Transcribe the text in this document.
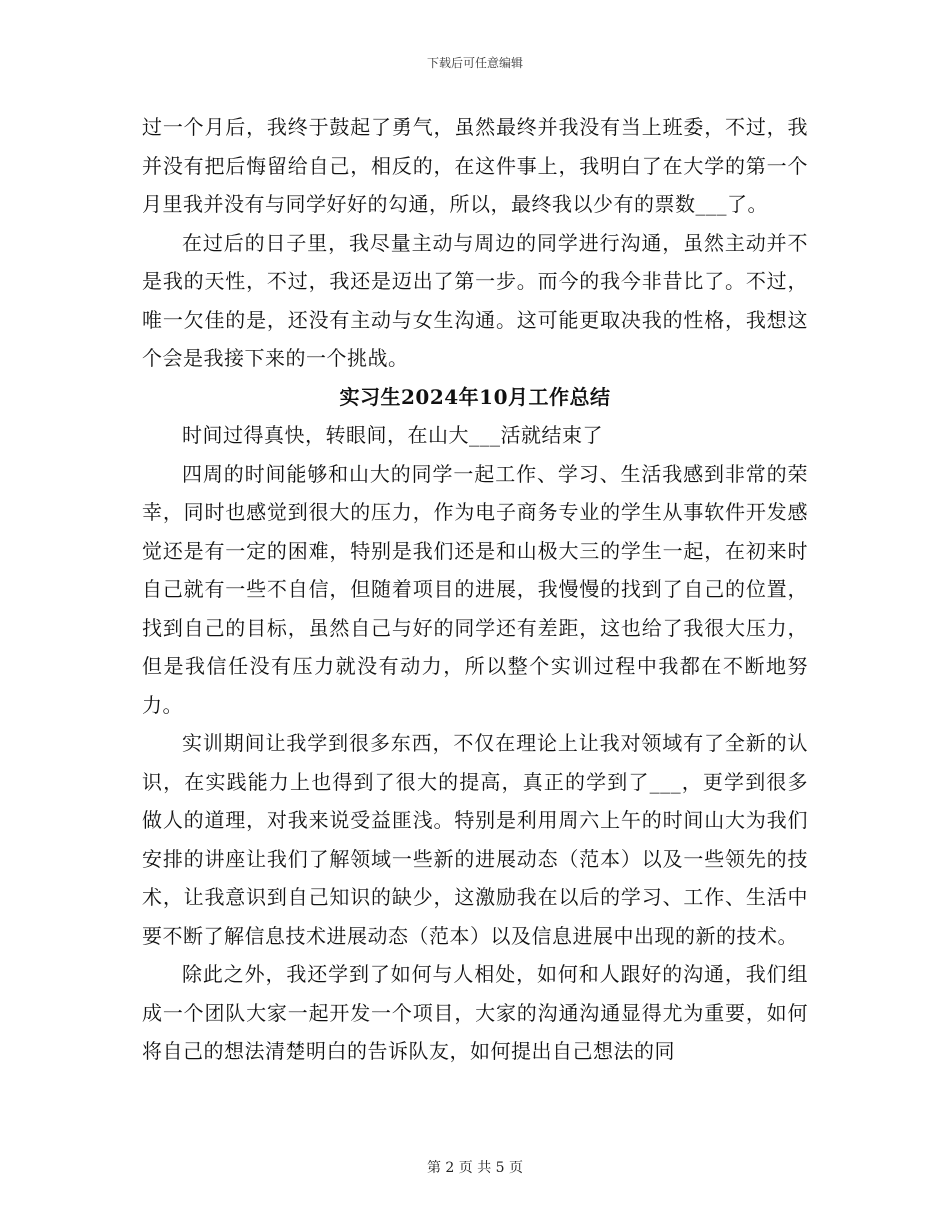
下载后可任意编辑

过一个月后，我终于鼓起了勇气，虽然最终并我没有当上班委，不过，我并没有把后悔留给自己，相反的，在这件事上，我明白了在大学的第一个月里我并没有与同学好好的勾通，所以，最终我以少有的票数___了。

在过后的日子里，我尽量主动与周边的同学进行沟通，虽然主动并不是我的天性，不过，我还是迈出了第一步。而今的我今非昔比了。不过，唯一欠佳的是，还没有主动与女生沟通。这可能更取决我的性格，我想这个会是我接下来的一个挑战。

实习生2024年10月工作总结

时间过得真快，转眼间，在山大___活就结束了

四周的时间能够和山大的同学一起工作、学习、生活我感到非常的荣幸，同时也感觉到很大的压力，作为电子商务专业的学生从事软件开发感觉还是有一定的困难，特别是我们还是和山极大三的学生一起，在初来时自己就有一些不自信，但随着项目的进展，我慢慢的找到了自己的位置，找到自己的目标，虽然自己与好的同学还有差距，这也给了我很大压力，但是我信任没有压力就没有动力，所以整个实训过程中我都在不断地努力。

实训期间让我学到很多东西，不仅在理论上让我对领域有了全新的认识，在实践能力上也得到了很大的提高，真正的学到了___，更学到很多做人的道理，对我来说受益匪浅。特别是利用周六上午的时间山大为我们安排的讲座让我们了解领域一些新的进展动态（范本）以及一些领先的技术，让我意识到自己知识的缺少，这激励我在以后的学习、工作、生活中要不断了解信息技术进展动态（范本）以及信息进展中出现的新的技术。

除此之外，我还学到了如何与人相处，如何和人跟好的沟通，我们组成一个团队大家一起开发一个项目，大家的沟通沟通显得尤为重要，如何将自己的想法清楚明白的告诉队友，如何提出自己想法的同

第 2 页 共 5 页
